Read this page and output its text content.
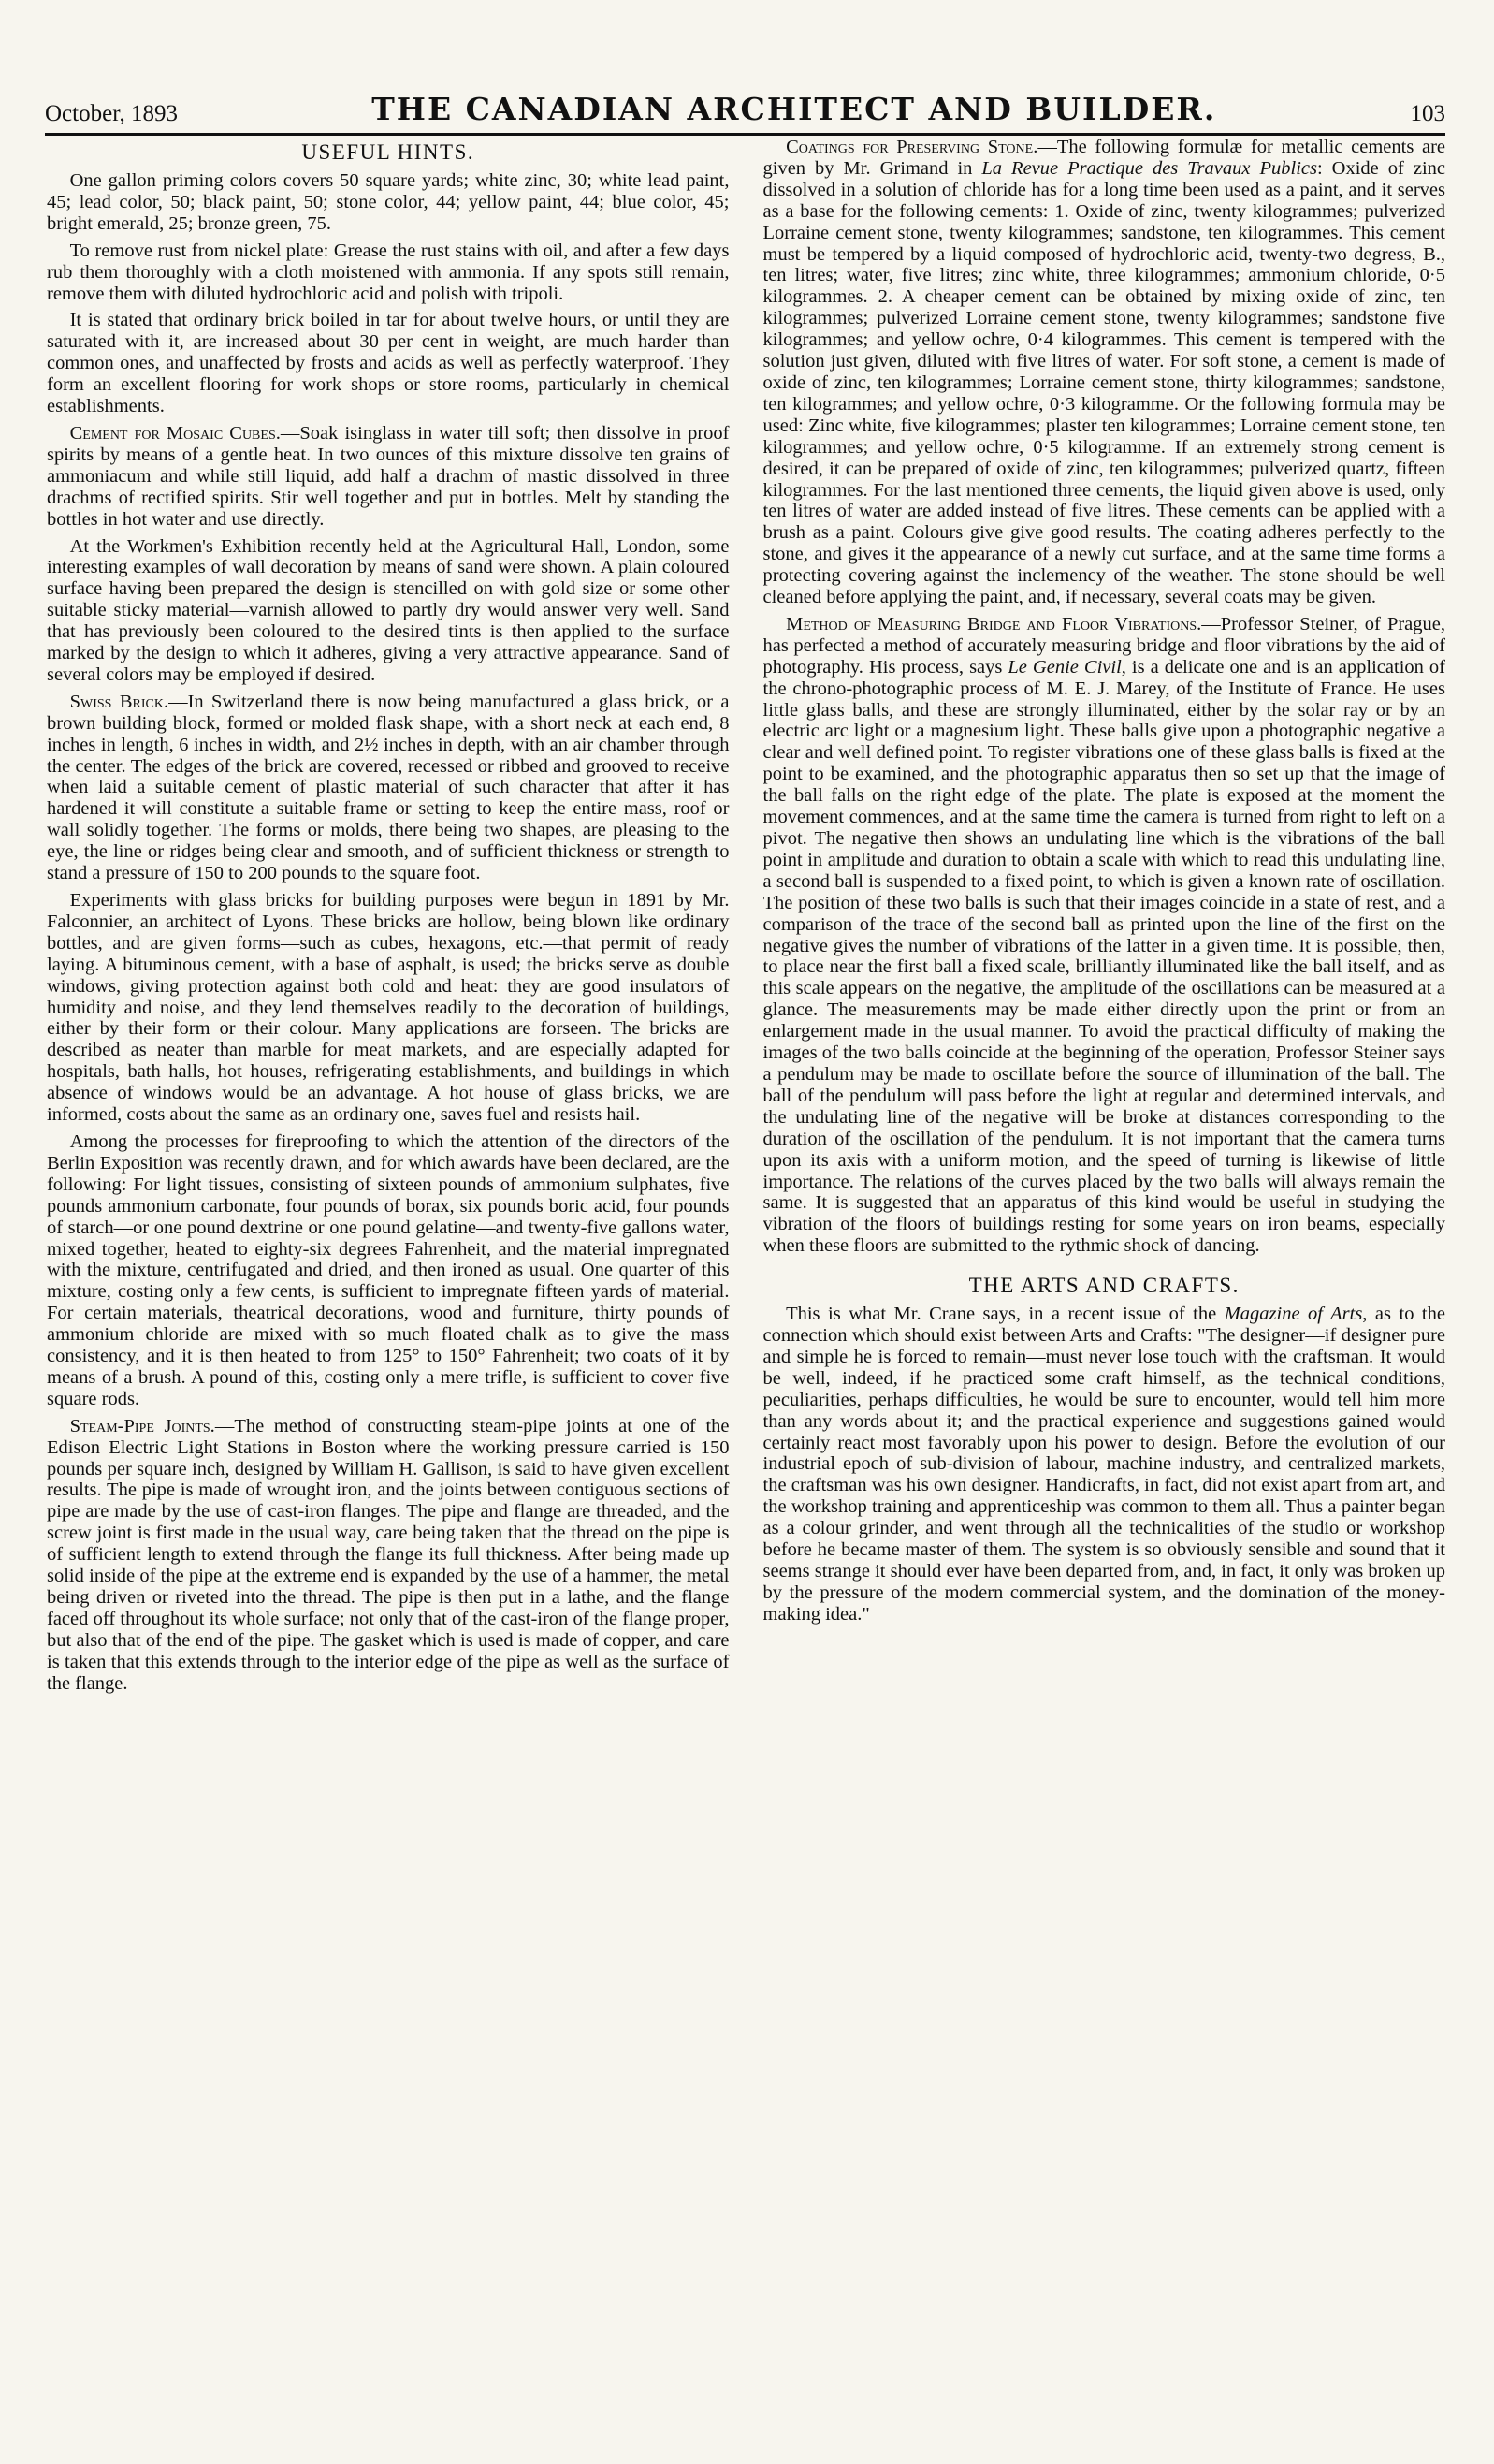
October, 1893	THE CANADIAN ARCHITECT AND BUILDER.	103
USEFUL HINTS.

One gallon priming colors covers 50 square yards; white zinc, 30; white lead paint, 45; lead color, 50; black paint, 50; stone color, 44; yellow paint, 44; blue color, 45; bright emerald, 25; bronze green, 75.

To remove rust from nickel plate: Grease the rust stains with oil, and after a few days rub them thoroughly with a cloth moistened with ammonia. If any spots still remain, remove them with diluted hydrochloric acid and polish with tripoli.

It is stated that ordinary brick boiled in tar for about twelve hours, or until they are saturated with it, are increased about 30 per cent in weight, are much harder than common ones, and unaffected by frosts and acids as well as perfectly waterproof. They form an excellent flooring for work shops or store rooms, particularly in chemical establishments.

Cement for Mosaic Cubes.—Soak isinglass in water till soft; then dissolve in proof spirits by means of a gentle heat. In two ounces of this mixture dissolve ten grains of ammoniacum and while still liquid, add half a drachm of mastic dissolved in three drachms of rectified spirits. Stir well together and put in bottles. Melt by standing the bottles in hot water and use directly.

At the Workmen's Exhibition recently held at the Agricultural Hall, London, some interesting examples of wall decoration by means of sand were shown. A plain coloured surface having been prepared the design is stencilled on with gold size or some other suitable sticky material—varnish allowed to partly dry would answer very well. Sand that has previously been coloured to the desired tints is then applied to the surface marked by the design to which it adheres, giving a very attractive appearance. Sand of several colors may be employed if desired.

Swiss Brick.—In Switzerland there is now being manufactured a glass brick, or a brown building block, formed or molded flask shape, with a short neck at each end, 8 inches in length, 6 inches in width, and 2½ inches in depth, with an air chamber through the center. The edges of the brick are covered, recessed or ribbed and grooved to receive when laid a suitable cement of plastic material of such character that after it has hardened it will constitute a suitable frame or setting to keep the entire mass, roof or wall solidly together. The forms or molds, there being two shapes, are pleasing to the eye, the line or ridges being clear and smooth, and of sufficient thickness or strength to stand a pressure of 150 to 200 pounds to the square foot.

Experiments with glass bricks for building purposes were begun in 1891 by Mr. Falconnier, an architect of Lyons. These bricks are hollow, being blown like ordinary bottles, and are given forms—such as cubes, hexagons, etc.—that permit of ready laying. A bituminous cement, with a base of asphalt, is used; the bricks serve as double windows, giving protection against both cold and heat: they are good insulators of humidity and noise, and they lend themselves readily to the decoration of buildings, either by their form or their colour. Many applications are forseen. The bricks are described as neater than marble for meat markets, and are especially adapted for hospitals, bath halls, hot houses, refrigerating establishments, and buildings in which absence of windows would be an advantage. A hot house of glass bricks, we are informed, costs about the same as an ordinary one, saves fuel and resists hail.

Among the processes for fireproofing to which the attention of the directors of the Berlin Exposition was recently drawn, and for which awards have been declared, are the following: For light tissues, consisting of sixteen pounds of ammonium sulphates, five pounds ammonium carbonate, four pounds of borax, six pounds boric acid, four pounds of starch—or one pound dextrine or one pound gelatine—and twenty-five gallons water, mixed together, heated to eighty-six degrees Fahrenheit, and the material impregnated with the mixture, centrifugated and dried, and then ironed as usual. One quarter of this mixture, costing only a few cents, is sufficient to impregnate fifteen yards of material. For certain materials, theatrical decorations, wood and furniture, thirty pounds of ammonium chloride are mixed with so much floated chalk as to give the mass consistency, and it is then heated to from 125° to 150° Fahrenheit; two coats of it by means of a brush. A pound of this, costing only a mere trifle, is sufficient to cover five square rods.

Steam-Pipe Joints.—The method of constructing steam-pipe joints at one of the Edison Electric Light Stations in Boston where the working pressure carried is 150 pounds per square inch, designed by William H. Gallison, is said to have given excellent results. The pipe is made of wrought iron, and the joints between contiguous sections of pipe are made by the use of cast-iron flanges. The pipe and flange are threaded, and the screw joint is first made in the usual way, care being taken that the thread on the pipe is of sufficient length to extend through the flange its full thickness. After being made up solid inside of the pipe at the extreme end is expanded by the use of a hammer, the metal being driven or riveted into the thread. The pipe is then put in a lathe, and the flange faced off throughout its whole surface; not only that of the cast-iron of the flange proper, but also that of the end of the pipe. The gasket which is used is made of copper, and care is taken that this extends through to the interior edge of the pipe as well as the surface of the flange.

Coatings for Preserving Stone.—The following formulæ for metallic cements are given by Mr. Grimand in La Revue Practique des Travaux Publics: Oxide of zinc dissolved in a solution of chloride has for a long time been used as a paint, and it serves as a base for the following cements: 1. Oxide of zinc, twenty kilogrammes; pulverized Lorraine cement stone, twenty kilogrammes; sandstone, ten kilogrammes. This cement must be tempered by a liquid composed of hydrochloric acid, twenty-two degress, B., ten litres; water, five litres; zinc white, three kilogrammes; ammonium chloride, 0·5 kilogrammes. 2. A cheaper cement can be obtained by mixing oxide of zinc, ten kilogrammes; pulverized Lorraine cement stone, twenty kilogrammes; sandstone five kilogrammes; and yellow ochre, 0·4 kilogrammes. This cement is tempered with the solution just given, diluted with five litres of water. For soft stone, a cement is made of oxide of zinc, ten kilogrammes; Lorraine cement stone, thirty kilogrammes; sandstone, ten kilogrammes; and yellow ochre, 0·3 kilogramme. Or the following formula may be used: Zinc white, five kilogrammes; plaster ten kilogrammes; Lorraine cement stone, ten kilogrammes; and yellow ochre, 0·5 kilogramme. If an extremely strong cement is desired, it can be prepared of oxide of zinc, ten kilogrammes; pulverized quartz, fifteen kilogrammes. For the last mentioned three cements, the liquid given above is used, only ten litres of water are added instead of five litres. These cements can be applied with a brush as a paint. Colours give give good results. The coating adheres perfectly to the stone, and gives it the appearance of a newly cut surface, and at the same time forms a protecting covering against the inclemency of the weather. The stone should be well cleaned before applying the paint, and, if necessary, several coats may be given.

Method of Measuring Bridge and Floor Vibrations.—Professor Steiner, of Prague, has perfected a method of accurately measuring bridge and floor vibrations by the aid of photography. His process, says Le Genie Civil, is a delicate one and is an application of the chrono-photographic process of M. E. J. Marey, of the Institute of France. He uses little glass balls, and these are strongly illuminated, either by the solar ray or by an electric arc light or a magnesium light. These balls give upon a photographic negative a clear and well defined point. To register vibrations one of these glass balls is fixed at the point to be examined, and the photographic apparatus then so set up that the image of the ball falls on the right edge of the plate. The plate is exposed at the moment the movement commences, and at the same time the camera is turned from right to left on a pivot. The negative then shows an undulating line which is the vibrations of the ball point in amplitude and duration to obtain a scale with which to read this undulating line, a second ball is suspended to a fixed point, to which is given a known rate of oscillation. The position of these two balls is such that their images coincide in a state of rest, and a comparison of the trace of the second ball as printed upon the line of the first on the negative gives the number of vibrations of the latter in a given time. It is possible, then, to place near the first ball a fixed scale, brilliantly illuminated like the ball itself, and as this scale appears on the negative, the amplitude of the oscillations can be measured at a glance. The measurements may be made either directly upon the print or from an enlargement made in the usual manner. To avoid the practical difficulty of making the images of the two balls coincide at the beginning of the operation, Professor Steiner says a pendulum may be made to oscillate before the source of illumination of the ball. The ball of the pendulum will pass before the light at regular and determined intervals, and the undulating line of the negative will be broke at distances corresponding to the duration of the oscillation of the pendulum. It is not important that the camera turns upon its axis with a uniform motion, and the speed of turning is likewise of little importance. The relations of the curves placed by the two balls will always remain the same. It is suggested that an apparatus of this kind would be useful in studying the vibration of the floors of buildings resting for some years on iron beams, especially when these floors are submitted to the rythmic shock of dancing.

THE ARTS AND CRAFTS.

This is what Mr. Crane says, in a recent issue of the Magazine of Arts, as to the connection which should exist between Arts and Crafts: "The designer—if designer pure and simple he is forced to remain—must never lose touch with the craftsman. It would be well, indeed, if he practiced some craft himself, as the technical conditions, peculiarities, perhaps difficulties, he would be sure to encounter, would tell him more than any words about it; and the practical experience and suggestions gained would certainly react most favorably upon his power to design. Before the evolution of our industrial epoch of sub-division of labour, machine industry, and centralized markets, the craftsman was his own designer. Handicrafts, in fact, did not exist apart from art, and the workshop training and apprenticeship was common to them all. Thus a painter began as a colour grinder, and went through all the technicalities of the studio or workshop before he became master of them. The system is so obviously sensible and sound that it seems strange it should ever have been departed from, and, in fact, it only was broken up by the pressure of the modern commercial system, and the domination of the money-making idea."
